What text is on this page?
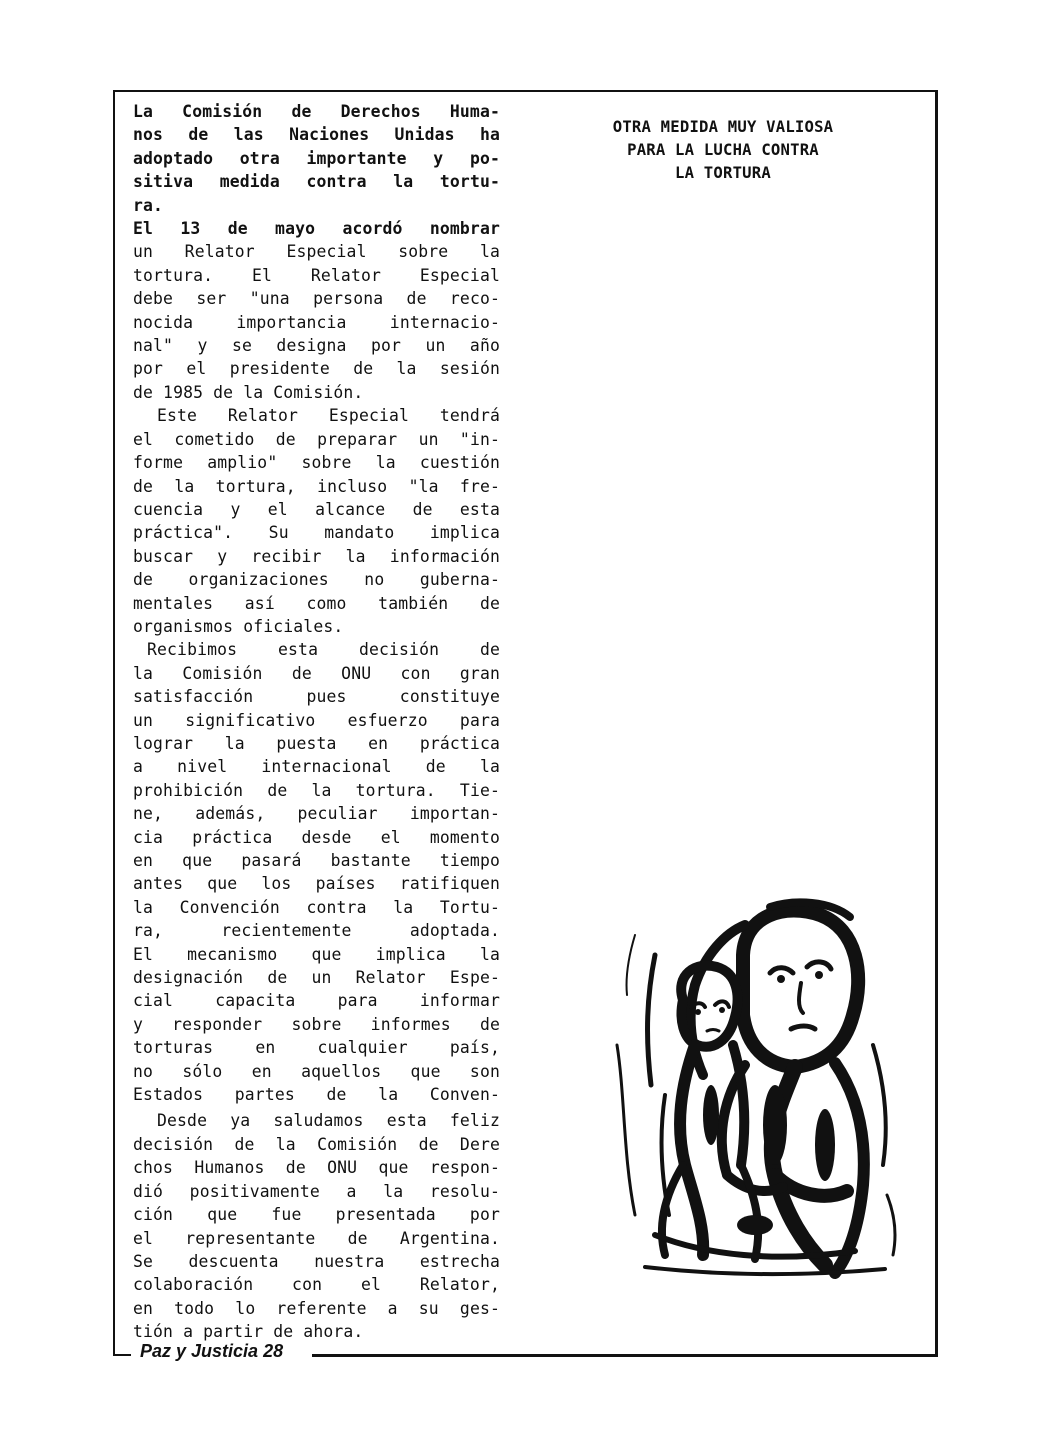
La Comisión de Derechos Huma-

nos de las Naciones Unidas ha

adoptado otra importante y po-

sitiva medida contra la tortu-

ra.

El 13 de mayo acordó nombrar

un Relator Especial sobre la

tortura. El Relator Especial

debe ser "una persona de reco-

nocida importancia internacio-

nal" y se designa por un año

por el presidente de la sesión

de 1985 de la Comisión.

Este Relator Especial tendrá

el cometido de preparar un "in-

forme amplio" sobre la cuestión

de la tortura, incluso "la fre-

cuencia y el alcance de esta

práctica". Su mandato implica

buscar y recibir la información

de organizaciones no guberna-

mentales así como también de

organismos oficiales.

Recibimos esta decisión de

la Comisión de ONU con gran

satisfacción pues constituye

un significativo esfuerzo para

lograr la puesta en práctica

a nivel internacional de la

prohibición de la tortura. Tie-

ne, además, peculiar importan-

cia práctica desde el momento

en que pasará bastante tiempo

antes que los países ratifiquen

la Convención contra la Tortu-

ra, recientemente adoptada.

El mecanismo que implica la

designación de un Relator Espe-

cial capacita para informar

y responder sobre informes de

torturas en cualquier país,

no sólo en aquellos que son

Estados partes de la Conven-

Desde ya saludamos esta feliz

decisión de la Comisión de Dere

chos Humanos de ONU que respon-

dió positivamente a la resolu-

ción que fue presentada por

el representante de Argentina.

Se descuenta nuestra estrecha

colaboración con el Relator,

en todo lo referente a su ges-

tión a partir de ahora.

OTRA MEDIDA MUY VALIOSA
PARA LA LUCHA CONTRA
LA TORTURA
Paz y Justicia 28
